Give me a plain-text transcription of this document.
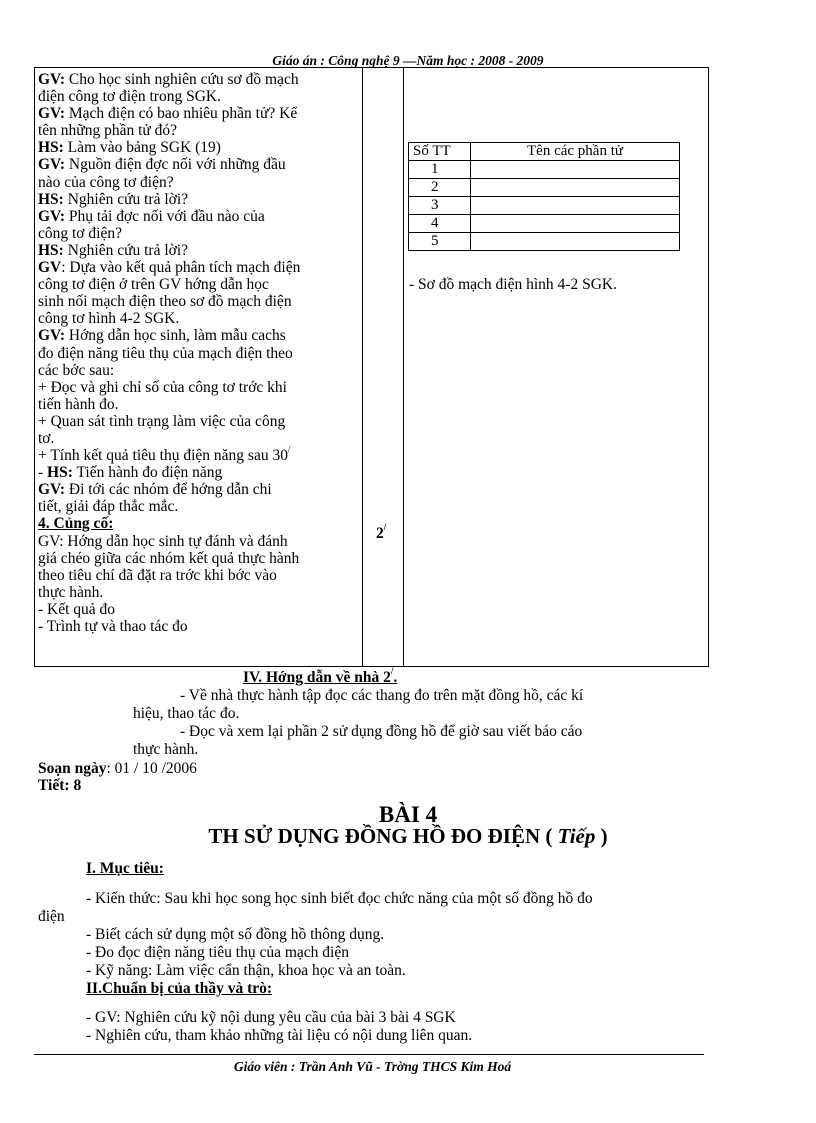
Giáo án : Công nghệ 9 —Năm học : 2008 - 2009
GV: Cho học sinh nghiên cứu sơ đồ mạch
điện công tơ điện trong SGK.
GV: Mạch điện có bao nhiêu phần tử? Kể
tên những phần tử đó?
HS: Làm vào bảng SGK (19)
GV: Nguồn điện đợc nối với những đầu
nào của công tơ điện?
HS: Nghiên cứu trả lời?
GV: Phụ tải đợc nối với đầu nào của
công tơ điện?
HS: Nghiên cứu trả lời?
GV: Dựa vào kết quả phân tích mạch điện
công tơ điện ở trên GV hớng dẫn học
sinh nối mạch điện theo sơ đồ mạch điện
công tơ hình 4-2 SGK.
GV: Hớng dẫn học sinh, làm mẫu cachs
đo điện năng tiêu thụ của mạch điện theo
các bớc sau:
+ Đọc và ghi chỉ số của công tơ trớc khi
tiến hành đo.
+ Quan sát tình trạng làm việc của công
tơ.
+ Tính kết quả tiêu thụ điện năng sau 30/
- HS: Tiến hành đo điện năng
GV: Đi tới các nhóm để hớng dẫn chi
tiết, giải đáp thắc mắc.
4. Củng cố:
GV: Hớng dẫn học sinh tự đánh và đánh
giá chéo giữa các nhóm kết quả thực hành
theo tiêu chí đã đặt ra trớc khi bớc vào
thực hành.
- Kết quả đo
- Trình tự và thao tác đo
2/
Số TT	Tên các phần tử
1	
2	
3	
4	
5	
- Sơ đồ mạch điện hình 4-2 SGK.
IV. Hớng dẫn về nhà 2/.
- Về nhà thực hành tập đọc các thang đo trên mặt đồng hồ, các kí
hiệu, thao tác đo.
- Đọc và xem lại phần 2 sử dụng đồng hồ để giờ sau viết báo cáo
thực hành.
Soạn ngày: 01 / 10 /2006
Tiết: 8
BÀI 4
TH SỬ DỤNG ĐỒNG HỒ ĐO ĐIỆN ( Tiếp )
I. Mục tiêu:
- Kiến thức: Sau khi học song học sinh biết đọc chức năng của một số đồng hồ đo
điện
- Biết cách sử dụng một số đồng hồ thông dụng.
- Đo đọc điện năng tiêu thụ của mạch điện
- Kỹ năng: Làm việc cẩn thận, khoa học và an toàn.
II.Chuẩn bị của thầy và trò:
- GV: Nghiên cứu kỹ nội dung yêu cầu của bài 3 bài 4 SGK
- Nghiên cứu, tham khảo những tài liệu có nội dung liên quan.
Giáo viên : Trần Anh Vũ - Trờng THCS Kim Hoá
